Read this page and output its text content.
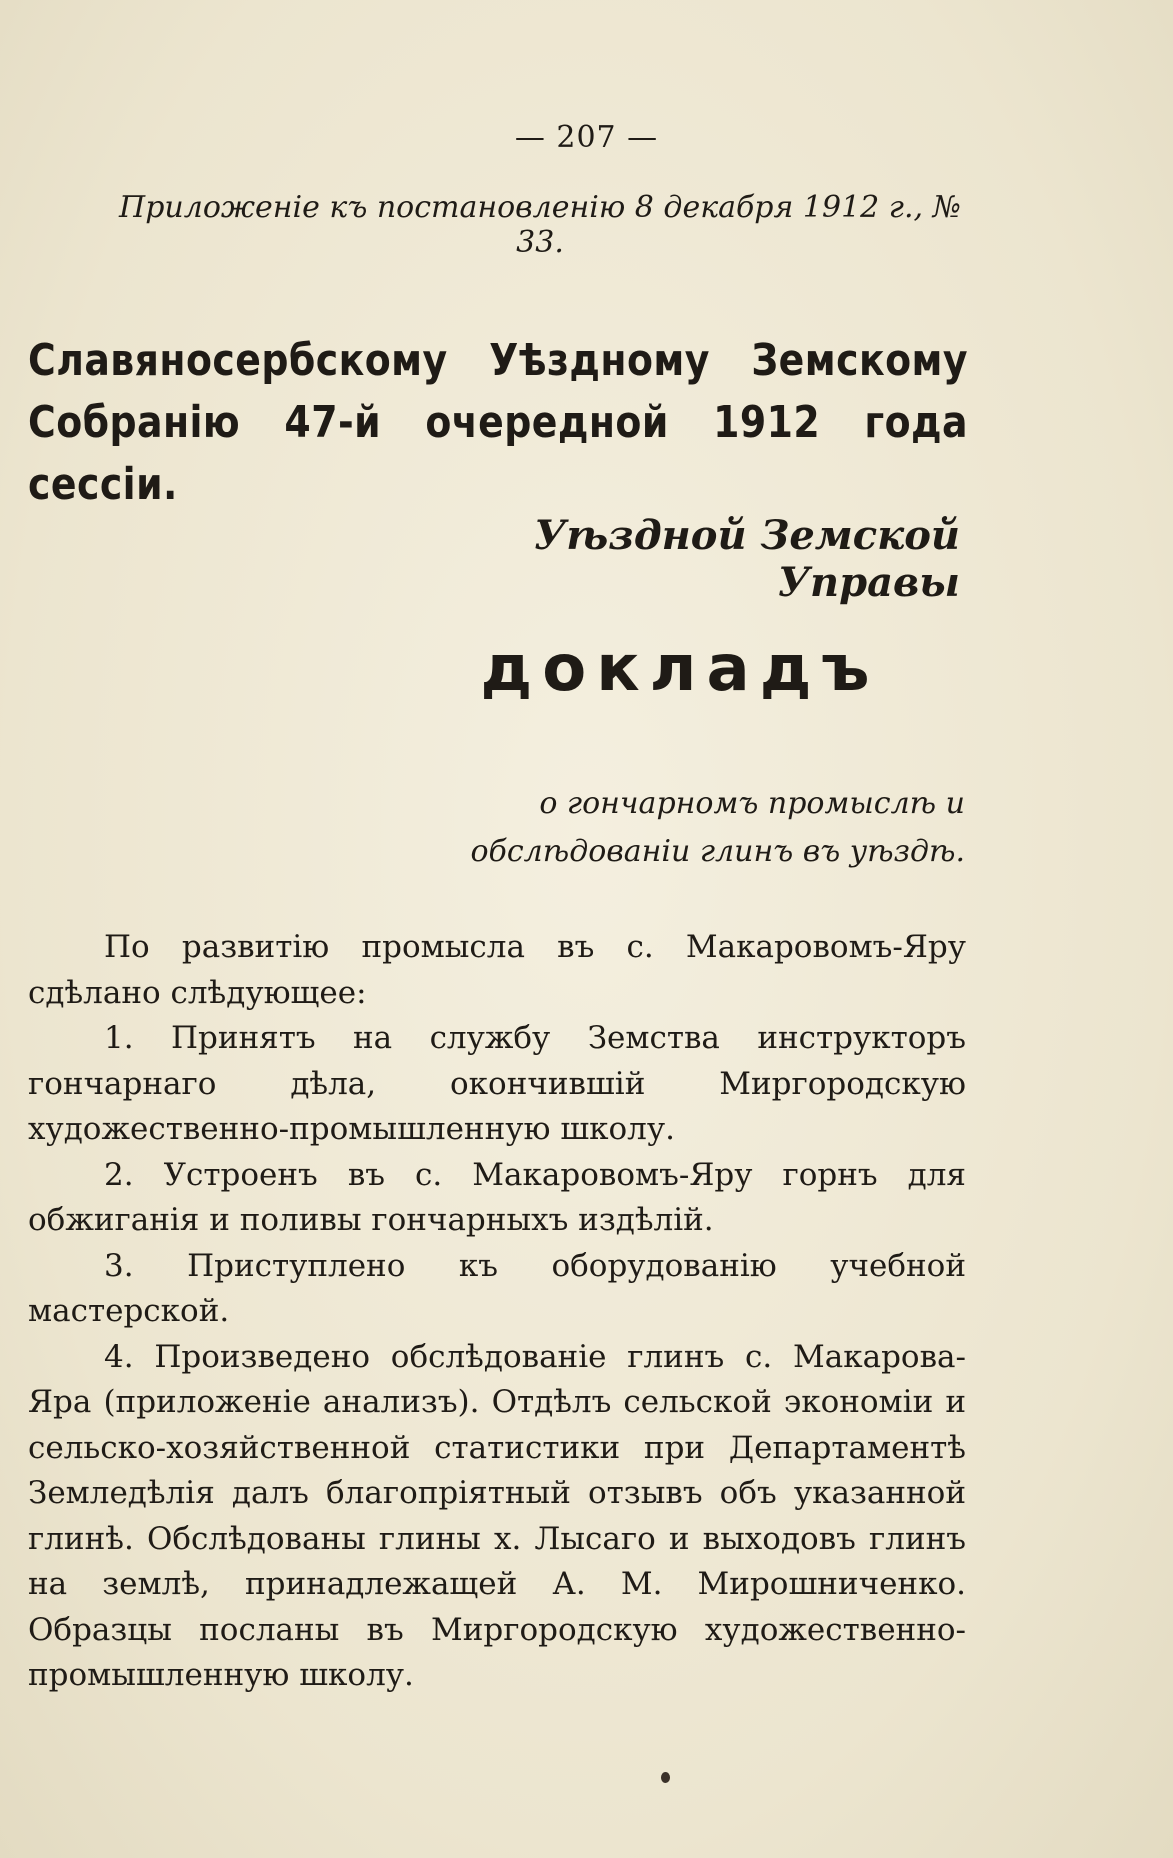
— 207 —
Приложеніе къ постановленію 8 декабря 1912 г., № 33.
Славяносербскому Уѣздному Земскому Собранію 47-й очередной 1912 года сессіи.
Уѣздной Земской Управы
докладъ
о гончарномъ промыслѣ и обслѣдованіи глинъ въ уѣздѣ.

По развитію промысла въ с. Макаровомъ-Яру сдѣлано слѣдующее:

1. Принятъ на службу Земства инструкторъ гончарнаго дѣла, окончившій Миргородскую художественно-промышленную школу.

2. Устроенъ въ с. Макаровомъ-Яру горнъ для обжиганія и поливы гончарныхъ издѣлій.

3. Приступлено къ оборудованію учебной мастерской.

4. Произведено обслѣдованіе глинъ с. Макарова-Яра (приложеніе анализъ). Отдѣлъ сельской экономіи и сельско-хозяйственной статистики при Департаментѣ Земледѣлія далъ благопріятный отзывъ объ указанной глинѣ. Обслѣдованы глины х. Лысаго и выходовъ глинъ на землѣ, принадлежащей А. М. Мирошниченко. Образцы посланы въ Миргородскую художественно-промышленную школу.
